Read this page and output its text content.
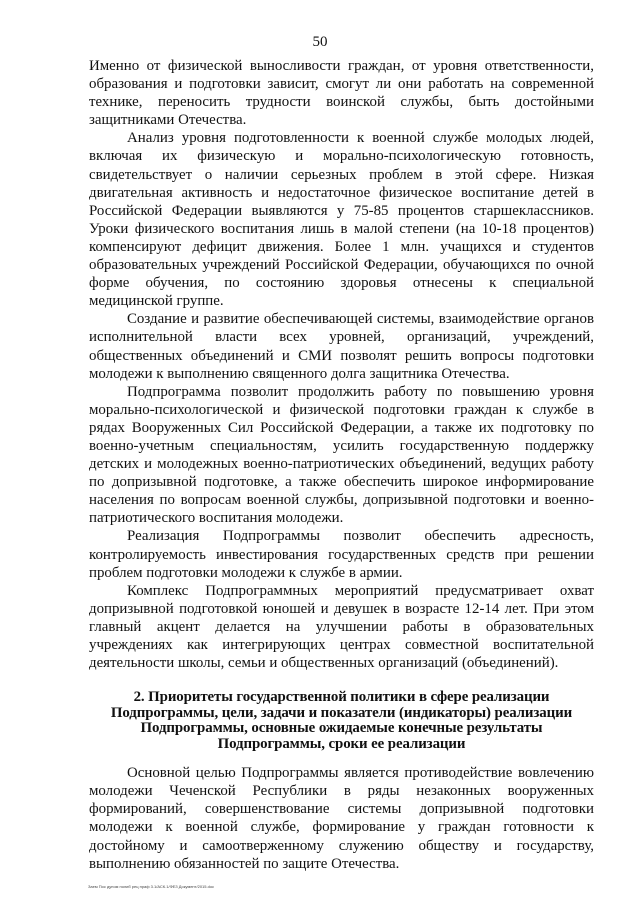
50

Именно от физической выносливости граждан, от уровня ответственности, образования и подготовки зависит, смогут ли они работать на современной технике, переносить трудности воинской службы, быть достойными защитниками Отечества.

Анализ уровня подготовленности к военной службе молодых людей, включая их физическую и морально-психологическую готовность, свидетельствует о наличии серьезных проблем в этой сфере. Низкая двигательная активность и недостаточное физическое воспитание детей в Российской Федерации выявляются у 75-85 процентов старшеклассников. Уроки физического воспитания лишь в малой степени (на 10-18 процентов) компенсируют дефицит движения. Более 1 млн. учащихся и студентов образовательных учреждений Российской Федерации, обучающихся по очной форме обучения, по состоянию здоровья отнесены к специальной медицинской группе.

Создание и развитие обеспечивающей системы, взаимодействие органов исполнительной власти всех уровней, организаций, учреждений, общественных объединений и СМИ позволят решить вопросы подготовки молодежи к выполнению священного долга защитника Отечества.

Подпрограмма позволит продолжить работу по повышению уровня морально-психологической и физической подготовки граждан к службе в рядах Вооруженных Сил Российской Федерации, а также их подготовку по военно-учетным специальностям, усилить государственную поддержку детских и молодежных военно-патриотических объединений, ведущих работу по допризывной подготовке, а также обеспечить широкое информирование населения по вопросам военной службы, допризывной подготовки и военно-патриотического воспитания молодежи.

Реализация Подпрограммы позволит обеспечить адресность, контролируемость инвестирования государственных средств при решении проблем подготовки молодежи к службе в армии.

Комплекс Подпрограммных мероприятий предусматривает охват допризывной подготовкой юношей и девушек в возрасте 12-14 лет. При этом главный акцент делается на улучшении работы в образовательных учреждениях как интегрирующих центрах совместной воспитательной деятельности школы, семьи и общественных организаций (объединений).

2. Приоритеты государственной политики в сфере реализации
Подпрограммы, цели, задачи и показатели (индикаторы) реализации
Подпрограммы, основные ожидаемые конечные результаты
Подпрограммы, сроки ее реализации

Основной целью Подпрограммы является противодействие вовлечению молодежи Чеченской Республики в ряды незаконных вооруженных формирований, совершенствование системы допризывной подготовки молодежи к военной службе, формирование у граждан готовности к достойному и самоотверженному служению обществу и государству, выполнению обязанностей по защите Отечества.

Заем Пос дупом полиб рец праф 3.1/АСК.1/ФЕЗ Документ/2015.doc
